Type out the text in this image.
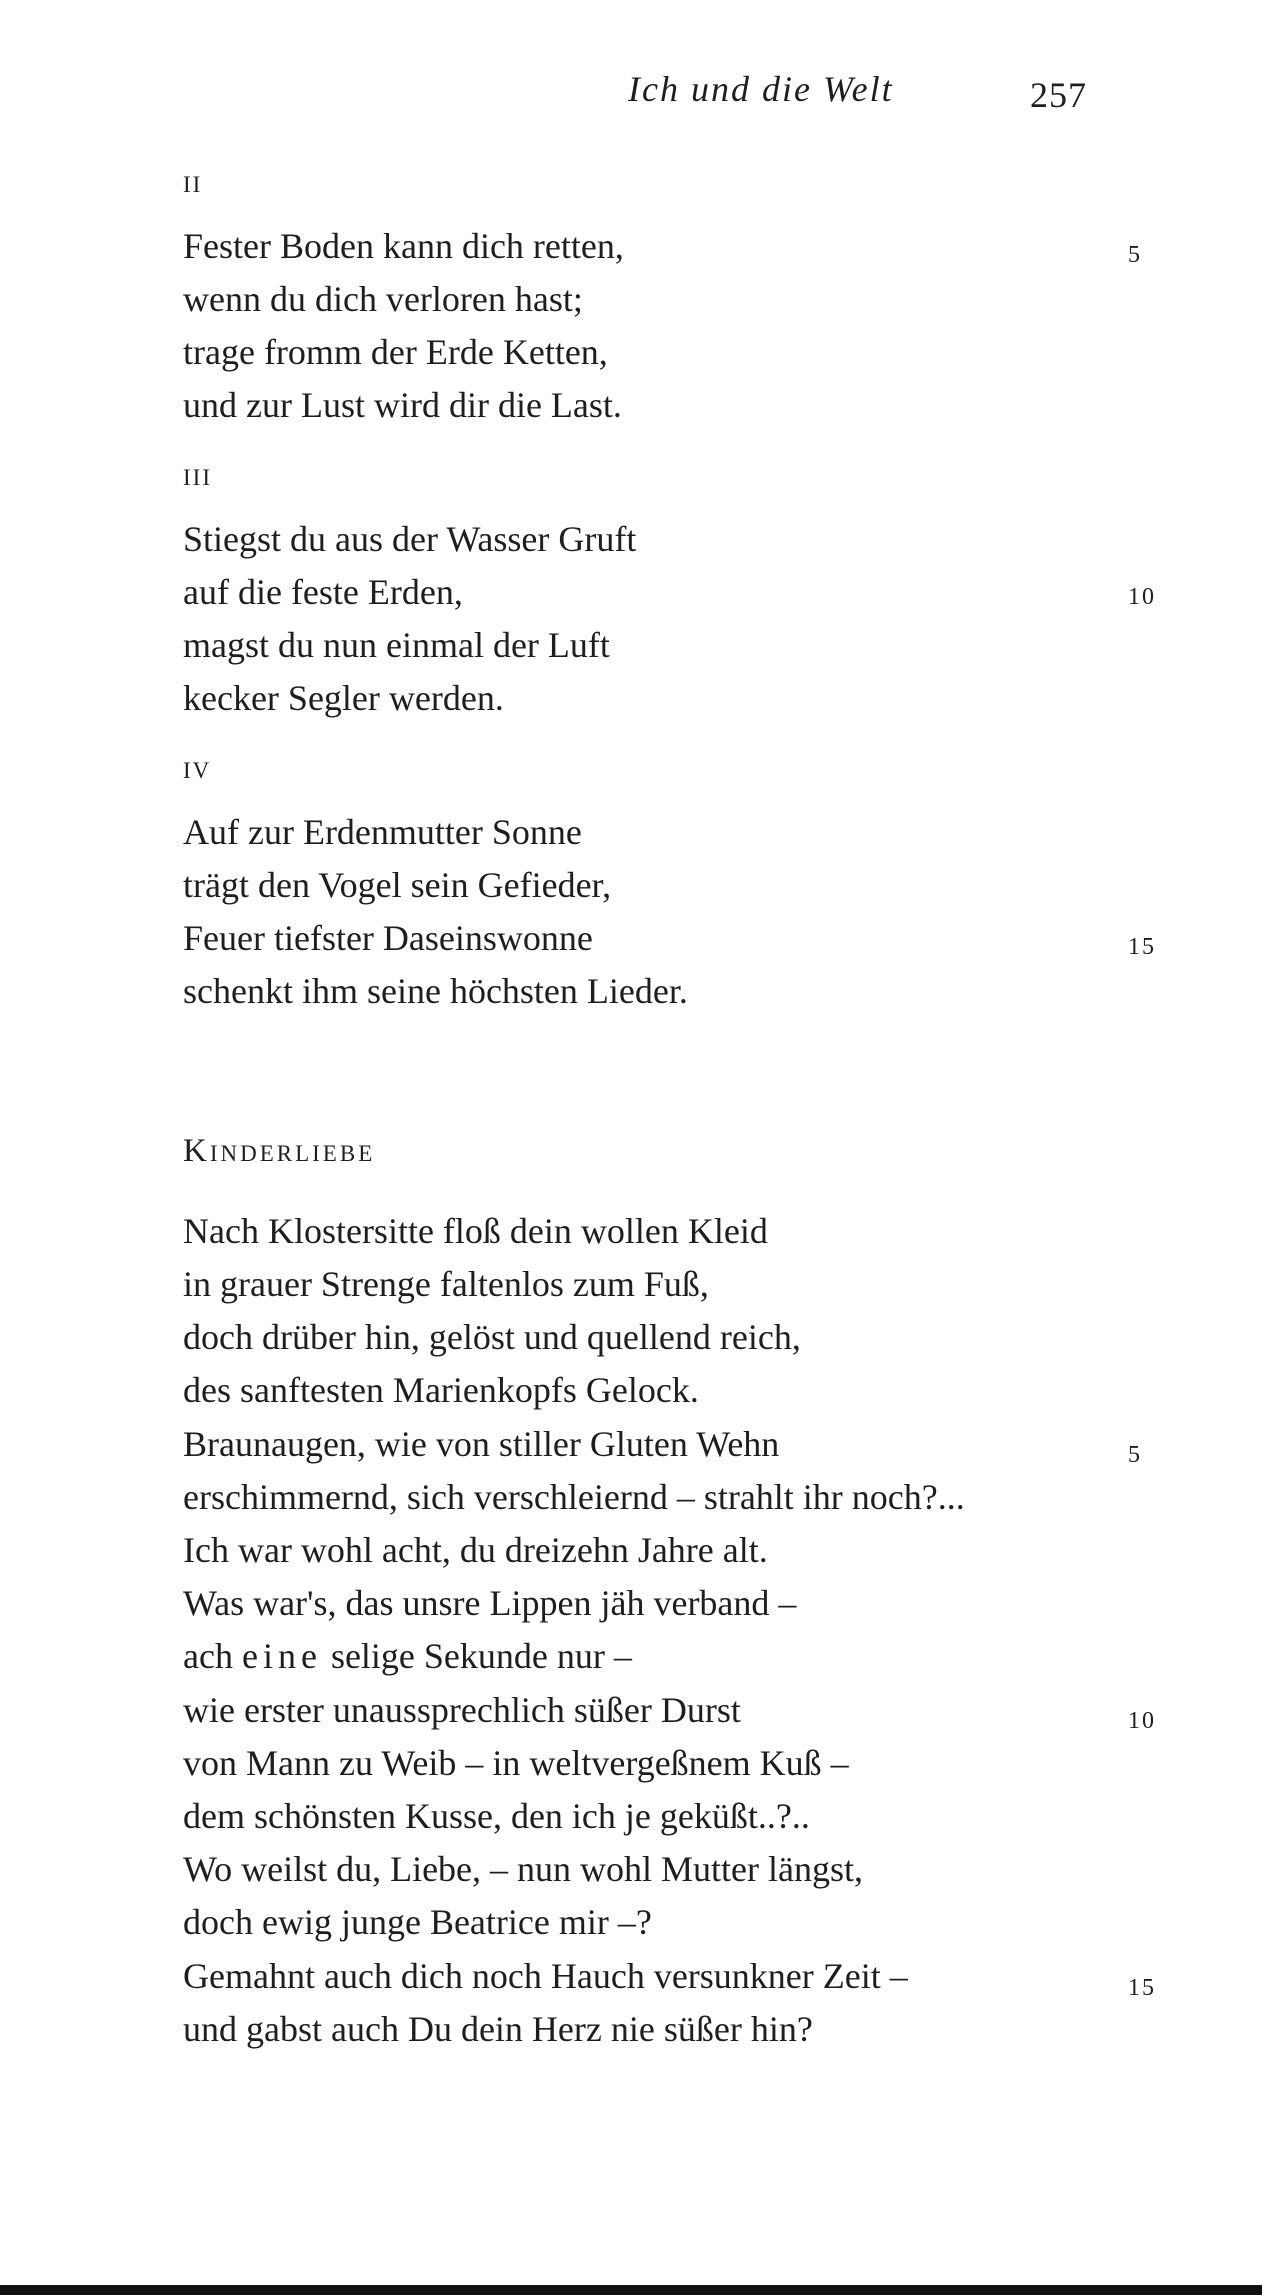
Ich und die Welt	257
II
Fester Boden kann dich retten,
wenn du dich verloren hast;
trage fromm der Erde Ketten,
und zur Lust wird dir die Last.
5
III
Stiegst du aus der Wasser Gruft
auf die feste Erden,
magst du nun einmal der Luft
kecker Segler werden.
10
IV
Auf zur Erdenmutter Sonne
trägt den Vogel sein Gefieder,
Feuer tiefster Daseinswonne
schenkt ihm seine höchsten Lieder.
15
Kinderliebe
Nach Klostersitte floß dein wollen Kleid
in grauer Strenge faltenlos zum Fuß,
doch drüber hin, gelöst und quellend reich,
des sanftesten Marienkopfs Gelock.
Braunaugen, wie von stiller Gluten Wehn
erschimmernd, sich verschleiernd – strahlt ihr noch?...
Ich war wohl acht, du dreizehn Jahre alt.
Was war's, das unsre Lippen jäh verband –
ach eine selige Sekunde nur –
wie erster unaussprechlich süßer Durst
von Mann zu Weib – in weltvergeßnem Kuß –
dem schönsten Kusse, den ich je geküßt..?..
Wo weilst du, Liebe, – nun wohl Mutter längst,
doch ewig junge Beatrice mir –?
Gemahnt auch dich noch Hauch versunkner Zeit –
und gabst auch Du dein Herz nie süßer hin?
5
10
15
